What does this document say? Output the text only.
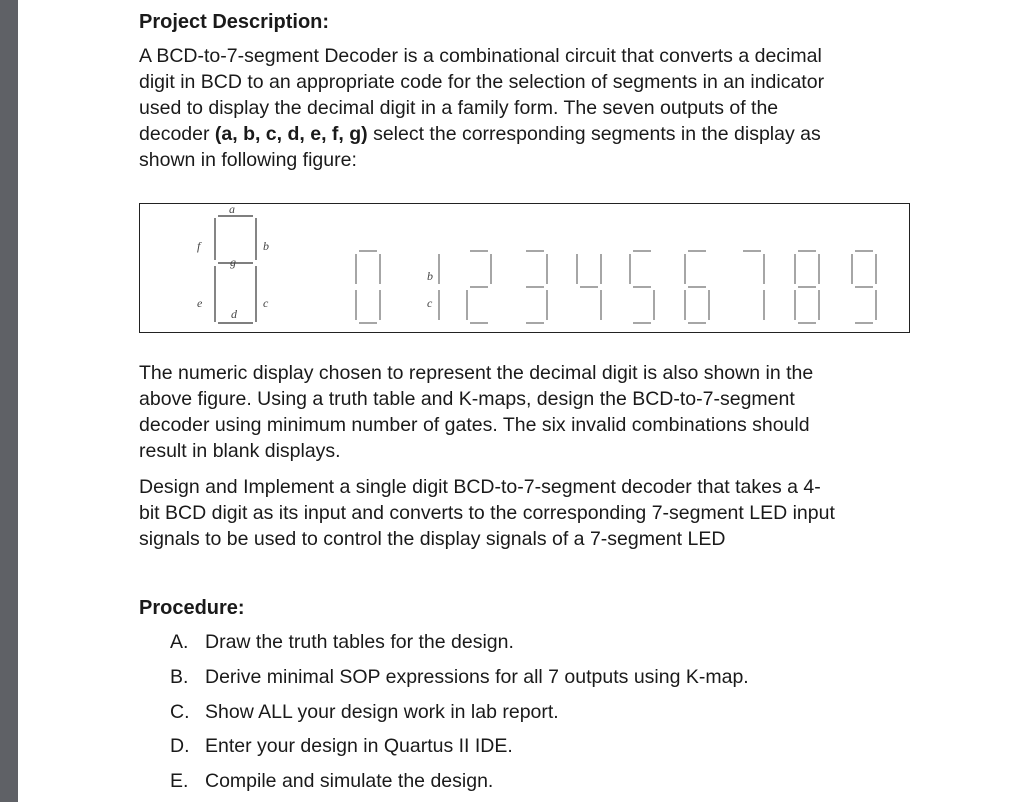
Project Description:
A BCD-to-7-segment Decoder is a combinational circuit that converts a decimal
digit in BCD to an appropriate code for the selection of segments in an indicator
used to display the decimal digit in a family form. The seven outputs of the
decoder (a, b, c, d, e, f, g) select the corresponding segments in the display as
shown in following figure:
a
b
c
d
e
f
g
b
c
The numeric display chosen to represent the decimal digit is also shown in the
above figure. Using a truth table and K-maps, design the BCD-to-7-segment
decoder using minimum number of gates. The six invalid combinations should
result in blank displays.
Design and Implement a single digit BCD-to-7-segment decoder that takes a 4-
bit BCD digit as its input and converts to the corresponding 7-segment LED input
signals to be used to control the display signals of a 7-segment LED
Procedure:
A. Draw the truth tables for the design.
B. Derive minimal SOP expressions for all 7 outputs using K-map.
C. Show ALL your design work in lab report.
D. Enter your design in Quartus II IDE.
E. Compile and simulate the design.
